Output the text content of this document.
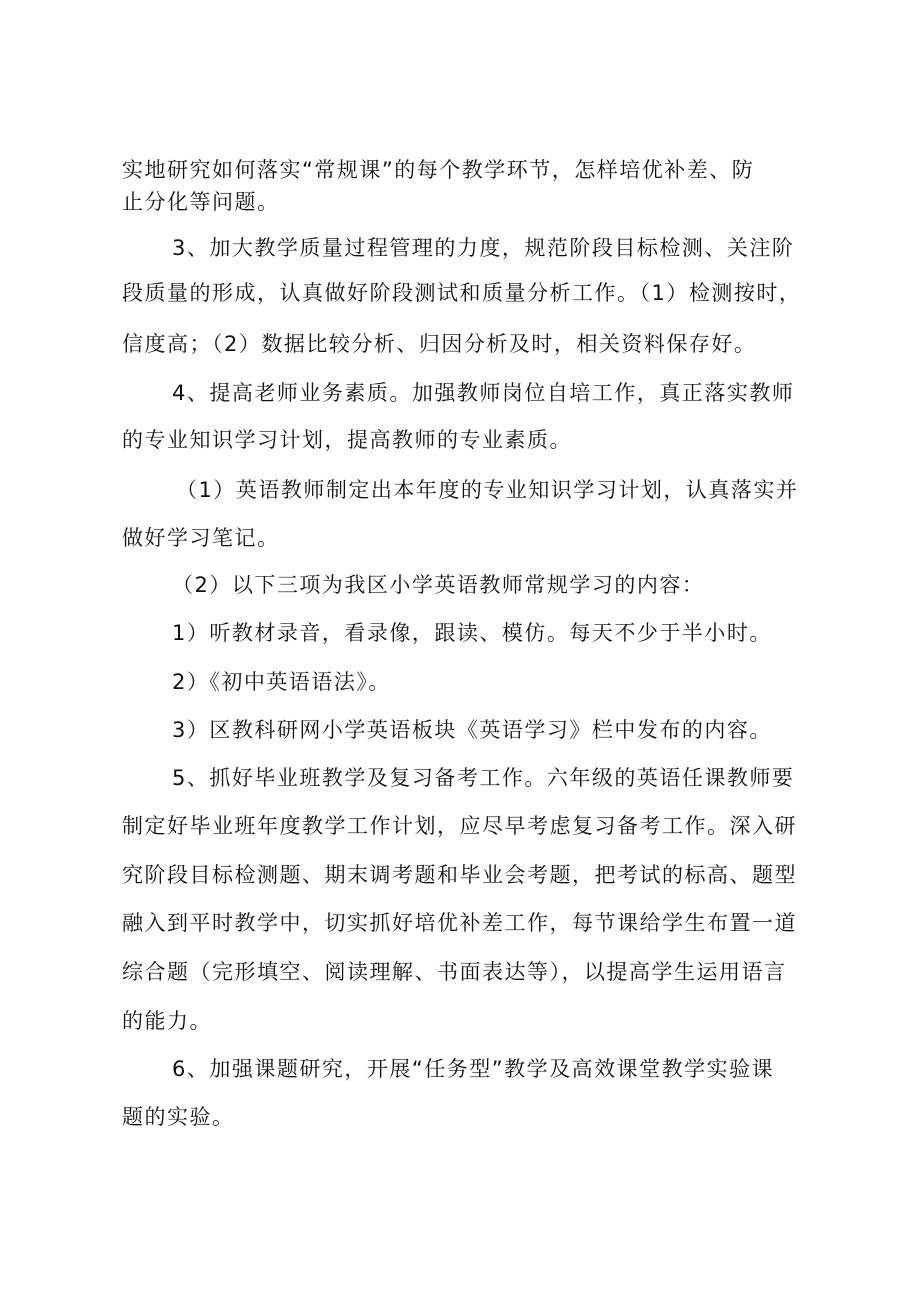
实地研究如何落实“常规课”的每个教学环节，怎样培优补差、防
止分化等问题。
3、加大教学质量过程管理的力度，规范阶段目标检测、关注阶
段质量的形成，认真做好阶段测试和质量分析工作。（1）检测按时，
信度高；（2）数据比较分析、归因分析及时，相关资料保存好。
4、提高老师业务素质。加强教师岗位自培工作，真正落实教师
的专业知识学习计划，提高教师的专业素质。
（1）英语教师制定出本年度的专业知识学习计划，认真落实并
做好学习笔记。
（2）以下三项为我区小学英语教师常规学习的内容：
1）听教材录音，看录像，跟读、模仿。每天不少于半小时。
2）《初中英语语法》。
3）区教科研网小学英语板块《英语学习》栏中发布的内容。
5、抓好毕业班教学及复习备考工作。六年级的英语任课教师要
制定好毕业班年度教学工作计划，应尽早考虑复习备考工作。深入研
究阶段目标检测题、期末调考题和毕业会考题，把考试的标高、题型
融入到平时教学中，切实抓好培优补差工作，每节课给学生布置一道
综合题（完形填空、阅读理解、书面表达等），以提高学生运用语言
的能力。
6、加强课题研究，开展“任务型”教学及高效课堂教学实验课
题的实验。
